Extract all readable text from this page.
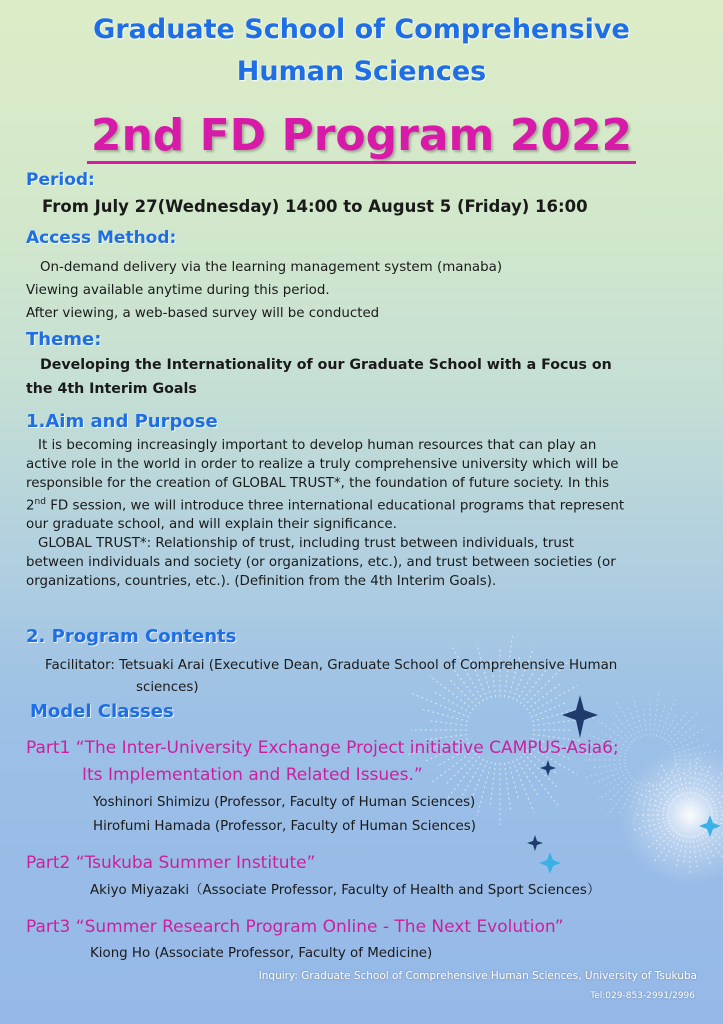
Graduate School of Comprehensive
Human Sciences
2nd FD Program 2022
Period:
From July 27(Wednesday) 14:00 to August 5 (Friday) 16:00
Access Method:
On-demand delivery via the learning management system (manaba)
Viewing available anytime during this period.
After viewing, a web-based survey will be conducted
Theme:
Developing the Internationality of our Graduate School with a Focus on
the 4th Interim Goals
1.Aim and Purpose
It is becoming increasingly important to develop human resources that can play an
active role in the world in order to realize a truly comprehensive university which will be
responsible for the creation of GLOBAL TRUST*, the foundation of future society. In this
2nd FD session, we will introduce three international educational programs that represent
our graduate school, and will explain their significance.
GLOBAL TRUST*: Relationship of trust, including trust between individuals, trust
between individuals and society (or organizations, etc.), and trust between societies (or
organizations, countries, etc.). (Definition from the 4th Interim Goals).
2. Program Contents
Facilitator: Tetsuaki Arai (Executive Dean, Graduate School of Comprehensive Human
sciences)
Model Classes
Part1 “The Inter-University Exchange Project initiative CAMPUS-Asia6;
Its Implementation and Related Issues.”
Yoshinori Shimizu (Professor, Faculty of Human Sciences)
Hirofumi Hamada (Professor, Faculty of Human Sciences)
Part2 “Tsukuba Summer Institute”
Akiyo Miyazaki（Associate Professor, Faculty of Health and Sport Sciences）
Part3 “Summer Research Program Online - The Next Evolution”
Kiong Ho (Associate Professor, Faculty of Medicine)
Inquiry: Graduate School of Comprehensive Human Sciences, University of Tsukuba
Tel:029-853-2991/2996
